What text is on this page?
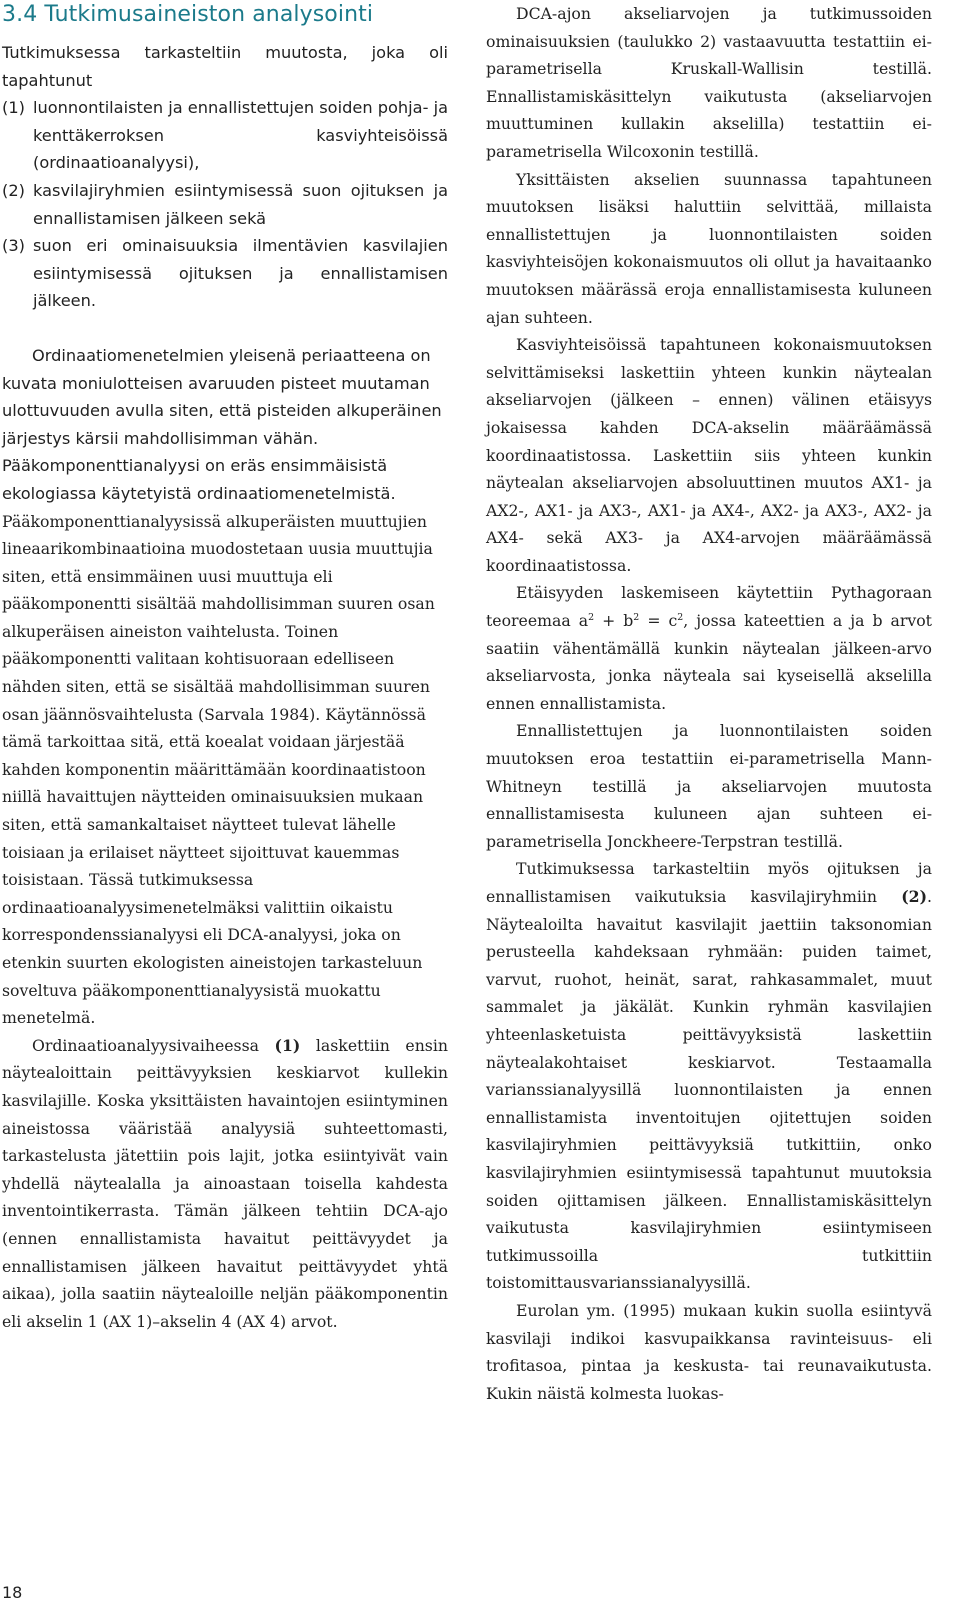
3.4 Tutkimusaineiston analysointi

Tutkimuksessa tarkasteltiin muutosta, joka oli tapahtunut

(1) luonnontilaisten ja ennallistettujen soiden pohja- ja kenttäkerroksen kasviyhteisöissä (ordinaatioanalyysi),
(2) kasvilajiryhmien esiintymisessä suon ojituksen ja ennallistamisen jälkeen sekä
(3) suon eri ominaisuuksia ilmentävien kasvilajien esiintymisessä ojituksen ja ennallistamisen jälkeen.

Ordinaatiomenetelmien yleisenä periaatteena on kuvata moniulotteisen avaruuden pisteet muutaman ulottuvuuden avulla siten, että pisteiden alkuperäinen järjestys kärsii mahdollisimman vähän. Pääkomponenttianalyysi on eräs ensimmäisistä ekologiassa käytetyistä ordinaatiomenetelmistä. Pääkomponenttianalyysissä alkuperäisten muuttujien lineaarikombinaatioina muodostetaan uusia muuttujia siten, että ensimmäinen uusi muuttuja eli pääkomponentti sisältää mahdollisimman suuren osan alkuperäisen aineiston vaihtelusta. Toinen pääkomponentti valitaan kohtisuoraan edelliseen nähden siten, että se sisältää mahdollisimman suuren osan jäännösvaihtelusta (Sarvala 1984). Käytännössä tämä tarkoittaa sitä, että koealat voidaan järjestää kahden komponentin määrittämään koordinaatistoon niillä havaittujen näytteiden ominaisuuksien mukaan siten, että samankaltaiset näytteet tulevat lähelle toisiaan ja erilaiset näytteet sijoittuvat kauemmas toisistaan. Tässä tutkimuksessa ordinaatioanalyysimenetelmäksi valittiin oikaistu korrespondenssianalyysi eli DCA-analyysi, joka on etenkin suurten ekologisten aineistojen tarkasteluun soveltuva pääkomponenttianalyysistä muokattu menetelmä.

Ordinaatioanalyysivaiheessa (1) laskettiin ensin näytealoittain peittävyyksien keskiarvot kullekin kasvilajille. Koska yksittäisten havaintojen esiintyminen aineistossa vääristää analyysiä suhteettomasti, tarkastelusta jätettiin pois lajit, jotka esiintyivät vain yhdellä näytealalla ja ainoastaan toisella kahdesta inventointikerrasta. Tämän jälkeen tehtiin DCA-ajo (ennen ennallistamista havaitut peittävyydet ja ennallistamisen jälkeen havaitut peittävyydet yhtä aikaa), jolla saatiin näytealoille neljän pääkomponentin eli akselin 1 (AX 1)–akselin 4 (AX 4) arvot.

DCA-ajon akseliarvojen ja tutkimussoiden ominaisuuksien (taulukko 2) vastaavuutta testattiin ei-parametrisella Kruskall-Wallisin testillä. Ennallistamiskäsittelyn vaikutusta (akseliarvojen muuttuminen kullakin akselilla) testattiin ei-parametrisella Wilcoxonin testillä.

Yksittäisten akselien suunnassa tapahtuneen muutoksen lisäksi haluttiin selvittää, millaista ennallistettujen ja luonnontilaisten soiden kasviyhteisöjen kokonaismuutos oli ollut ja havaitaanko muutoksen määrässä eroja ennallistamisesta kuluneen ajan suhteen.

Kasviyhteisöissä tapahtuneen kokonaismuutoksen selvittämiseksi laskettiin yhteen kunkin näytealan akseliarvojen (jälkeen – ennen) välinen etäisyys jokaisessa kahden DCA-akselin määräämässä koordinaatistossa. Laskettiin siis yhteen kunkin näytealan akseliarvojen absoluuttinen muutos AX1- ja AX2-, AX1- ja AX3-, AX1- ja AX4-, AX2- ja AX3-, AX2- ja AX4- sekä AX3- ja AX4-arvojen määräämässä koordinaatistossa.

Etäisyyden laskemiseen käytettiin Pythagoraan teoreemaa $a^2 + b^2 = c^2$, jossa kateettien a ja b arvot saatiin vähentämällä kunkin näytealan jälkeen-arvo akseliarvosta, jonka näyteala sai kyseisellä akselilla ennen ennallistamista.

Ennallistettujen ja luonnontilaisten soiden muutoksen eroa testattiin ei-parametrisella Mann-Whitneyn testillä ja akseliarvojen muutosta ennallistamisesta kuluneen ajan suhteen ei-parametrisella Jonckheere-Terpstran testillä.

Tutkimuksessa tarkasteltiin myös ojituksen ja ennallistamisen vaikutuksia kasvilajiryhmiin (2). Näytealoilta havaitut kasvilajit jaettiin taksonomian perusteella kahdeksaan ryhmään: puiden taimet, varvut, ruohot, heinät, sarat, rahkasammalet, muut sammalet ja jäkälät. Kunkin ryhmän kasvilajien yhteenlasketuista peittävyyksistä laskettiin näytealakohtaiset keskiarvot. Testaamalla varianssianalyysillä luonnontilaisten ja ennen ennallistamista inventoitujen ojitettujen soiden kasvilajiryhmien peittävyyksiä tutkittiin, onko kasvilajiryhmien esiintymisessä tapahtunut muutoksia soiden ojittamisen jälkeen. Ennallistamiskäsittelyn vaikutusta kasvilajiryhmien esiintymiseen tutkimussoilla tutkittiin toistomittausvarianssianalyysillä.

Eurolan ym. (1995) mukaan kukin suolla esiintyvä kasvilaji indikoi kasvupaikkansa ravinteisuus- eli trofitasoa, pintaa ja keskusta- tai reunavaikutusta. Kukin näistä kolmesta luokas-

18
